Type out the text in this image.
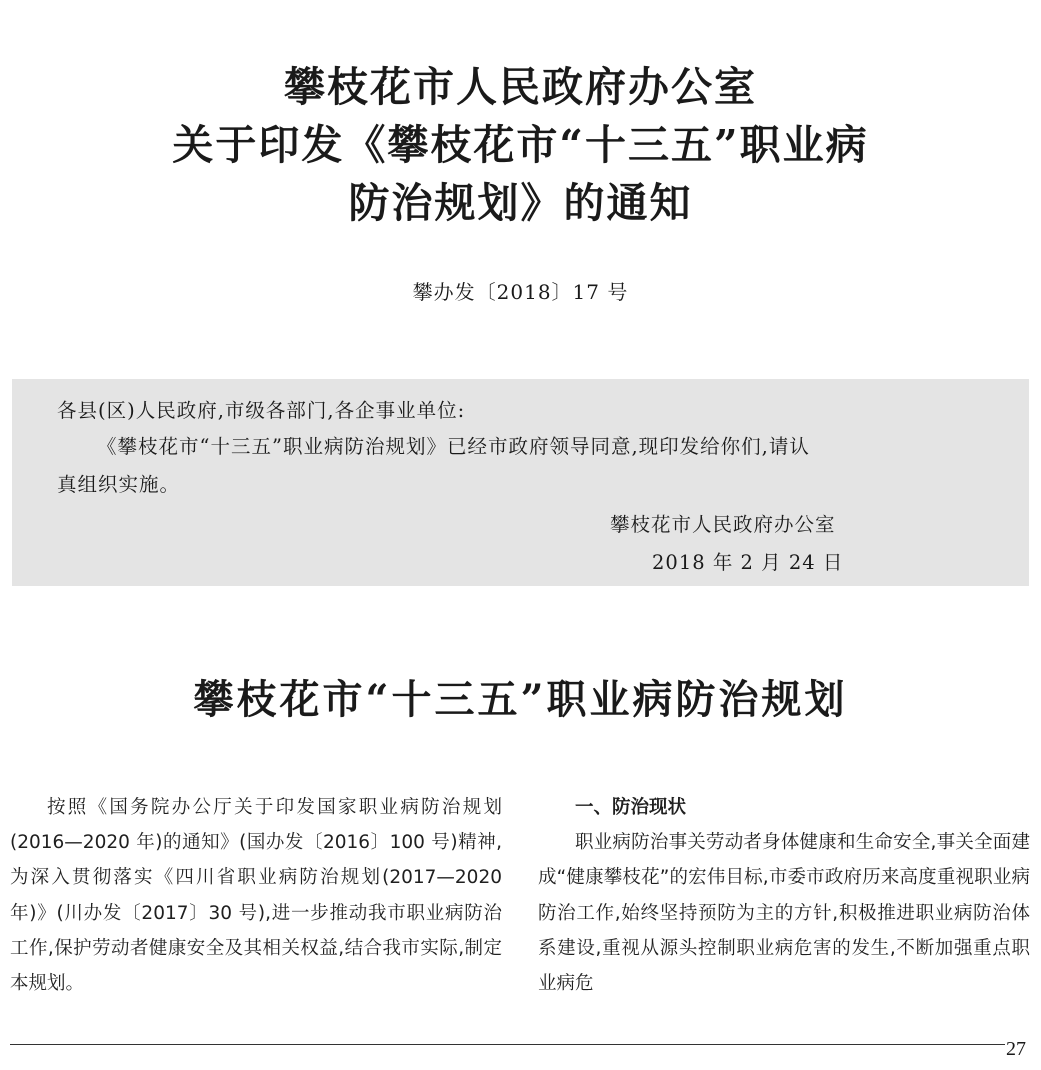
攀枝花市人民政府办公室
关于印发《攀枝花市“十三五”职业病
防治规划》的通知
攀办发〔2018〕17 号
各县(区)人民政府,市级各部门,各企事业单位:
《攀枝花市“十三五”职业病防治规划》已经市政府领导同意,现印发给你们,请认
真组织实施。
攀枝花市人民政府办公室
2018 年 2 月 24 日
攀枝花市“十三五”职业病防治规划

按照《国务院办公厅关于印发国家职业病防治规划(2016—2020 年)的通知》(国办发〔2016〕100 号)精神,为深入贯彻落实《四川省职业病防治规划(2017—2020 年)》(川办发〔2017〕30 号),进一步推动我市职业病防治工作,保护劳动者健康安全及其相关权益,结合我市实际,制定本规划。

一、防治现状

职业病防治事关劳动者身体健康和生命安全,事关全面建成“健康攀枝花”的宏伟目标,市委市政府历来高度重视职业病防治工作,始终坚持预防为主的方针,积极推进职业病防治体系建设,重视从源头控制职业病危害的发生,不断加强重点职业病危

27
